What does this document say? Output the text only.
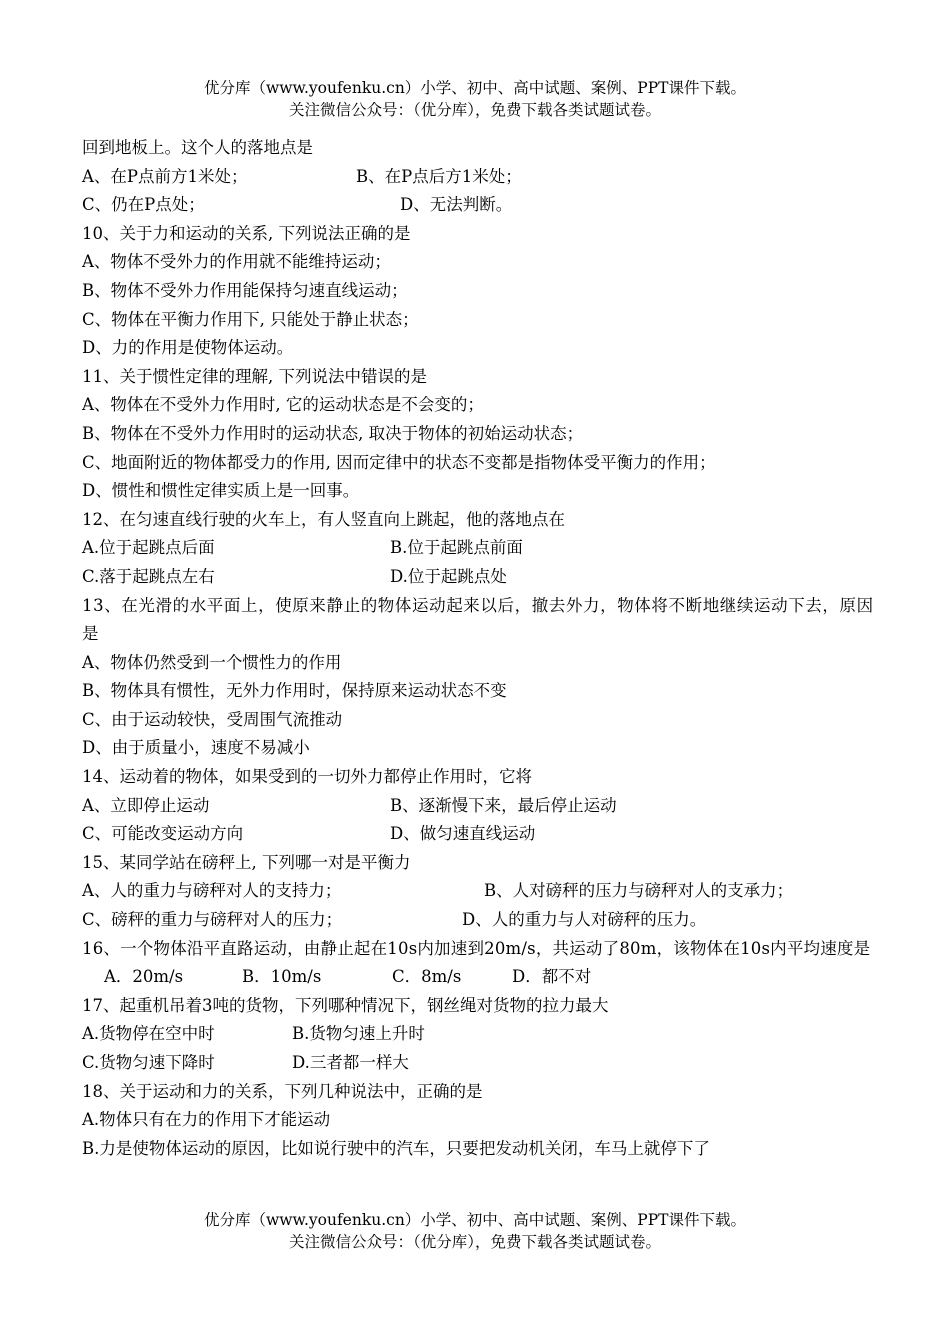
优分库（www.youfenku.cn）小学、初中、高中试题、案例、PPT课件下载。
关注微信公众号：（优分库），免费下载各类试题试卷。
回到地板上。这个人的落地点是
A、在P点前方1米处；	B、在P点后方1米处；
C、仍在P点处；	D、无法判断。
10、关于力和运动的关系, 下列说法正确的是
A、物体不受外力的作用就不能维持运动；
B、物体不受外力作用能保持匀速直线运动；
C、物体在平衡力作用下, 只能处于静止状态；
D、力的作用是使物体运动。
11、关于惯性定律的理解, 下列说法中错误的是
A、物体在不受外力作用时, 它的运动状态是不会变的；
B、物体在不受外力作用时的运动状态, 取决于物体的初始运动状态；
C、地面附近的物体都受力的作用, 因而定律中的状态不变都是指物体受平衡力的作用；
D、惯性和惯性定律实质上是一回事。
12、在匀速直线行驶的火车上，有人竖直向上跳起，他的落地点在
A.位于起跳点后面	B.位于起跳点前面
C.落于起跳点左右	D.位于起跳点处
13、在光滑的水平面上，使原来静止的物体运动起来以后，撤去外力，物体将不断地继续运动下去，原因是
A、物体仍然受到一个惯性力的作用
B、物体具有惯性，无外力作用时，保持原来运动状态不变
C、由于运动较快，受周围气流推动
D、由于质量小，速度不易减小
14、运动着的物体，如果受到的一切外力都停止作用时，它将
A、立即停止运动	B、逐渐慢下来，最后停止运动
C、可能改变运动方向	D、做匀速直线运动
15、某同学站在磅秤上, 下列哪一对是平衡力
A、人的重力与磅秤对人的支持力；	B、人对磅秤的压力与磅秤对人的支承力；
C、磅秤的重力与磅秤对人的压力；	D、人的重力与人对磅秤的压力。
16、一个物体沿平直路运动，由静止起在10s内加速到20m/s，共运动了80m，该物体在10s内平均速度是
A．20m/s	B．10m/s	C．8m/s	D．都不对
17、起重机吊着3吨的货物，下列哪种情况下，钢丝绳对货物的拉力最大
A.货物停在空中时	B.货物匀速上升时
C.货物匀速下降时	D.三者都一样大
18、关于运动和力的关系，下列几种说法中，正确的是
A.物体只有在力的作用下才能运动
B.力是使物体运动的原因，比如说行驶中的汽车，只要把发动机关闭，车马上就停下了
优分库（www.youfenku.cn）小学、初中、高中试题、案例、PPT课件下载。
关注微信公众号：（优分库），免费下载各类试题试卷。
